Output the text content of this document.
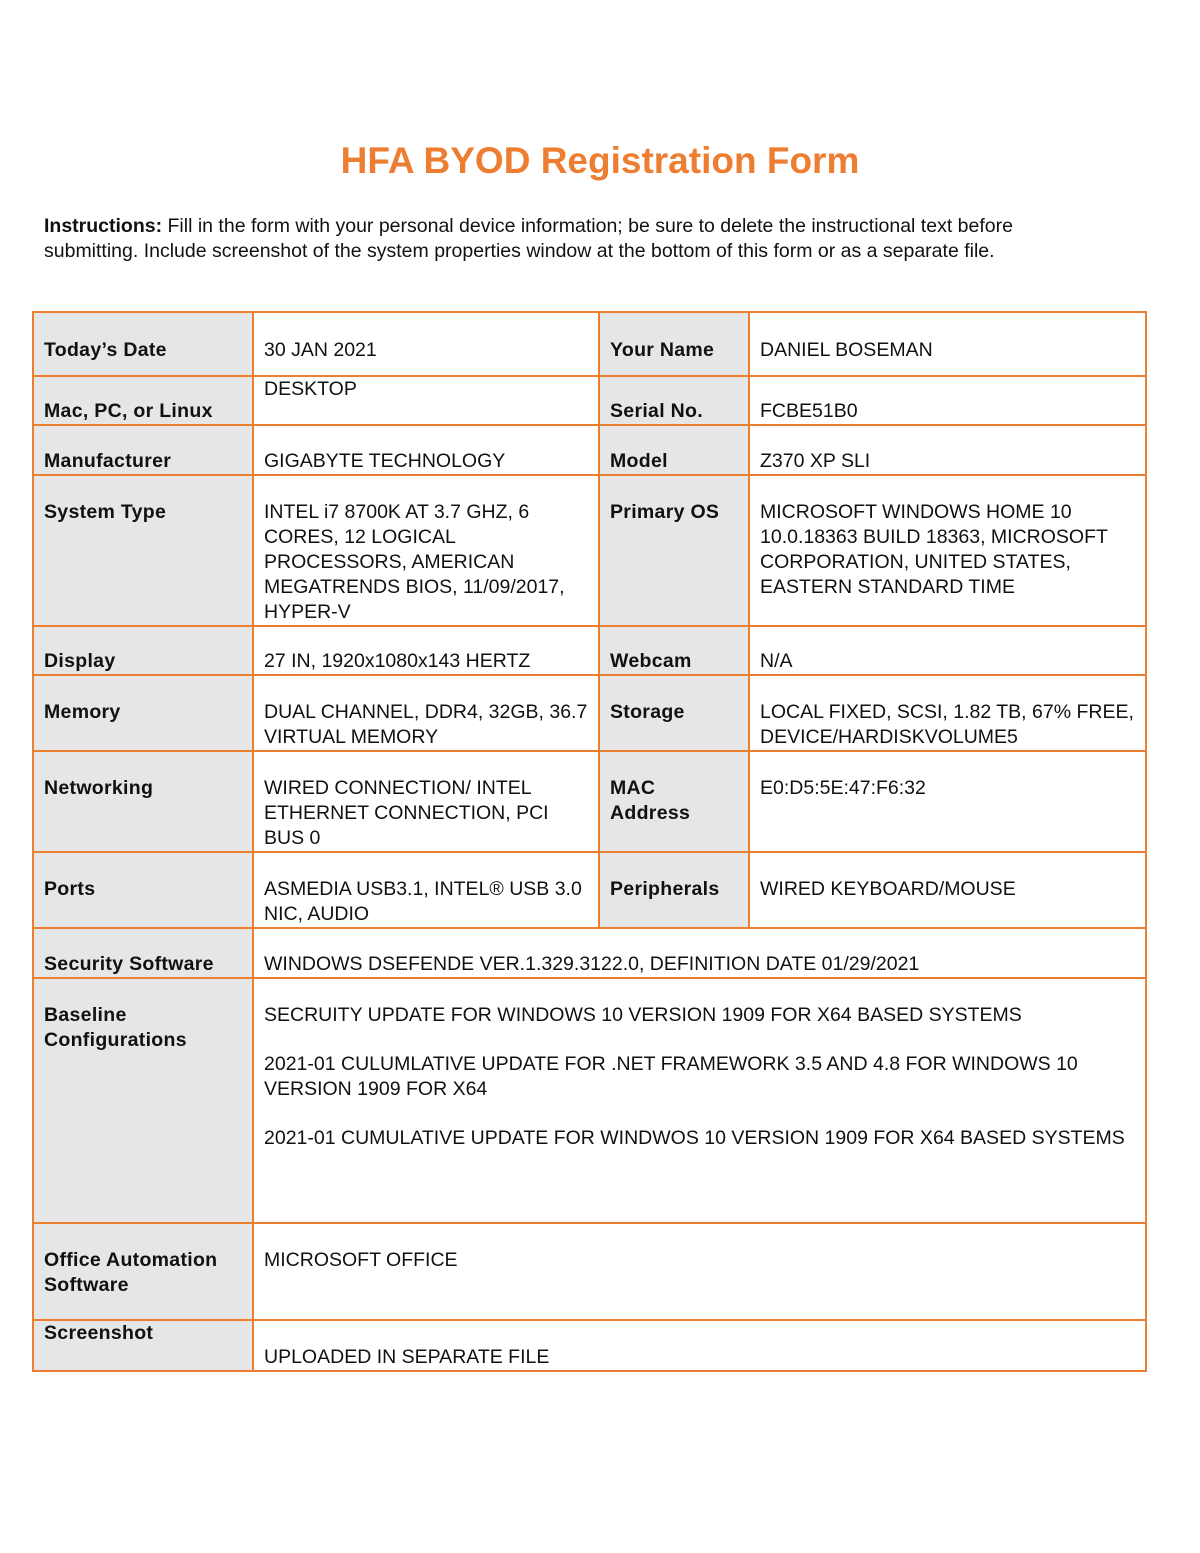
HFA BYOD Registration Form

Instructions: Fill in the form with your personal device information; be sure to delete the instructional text before submitting. Include screenshot of the system properties window at the bottom of this form or as a separate file.

Today’s Date	30 JAN 2021	Your Name	DANIEL BOSEMAN
Mac, PC, or Linux	DESKTOP	Serial No.	FCBE51B0
Manufacturer	GIGABYTE TECHNOLOGY	Model	Z370 XP SLI
System Type	INTEL i7 8700K AT 3.7 GHZ, 6 CORES, 12 LOGICAL PROCESSORS, AMERICAN MEGATRENDS BIOS, 11/09/2017, HYPER-V	Primary OS	MICROSOFT WINDOWS HOME 10 10.0.18363 BUILD 18363, MICROSOFT CORPORATION, UNITED STATES, EASTERN STANDARD TIME
Display	27 IN, 1920x1080x143 HERTZ	Webcam	N/A
Memory	DUAL CHANNEL, DDR4, 32GB, 36.7 VIRTUAL MEMORY	Storage	LOCAL FIXED, SCSI, 1.82 TB, 67% FREE, DEVICE/HARDISKVOLUME5
Networking	WIRED CONNECTION/ INTEL ETHERNET CONNECTION, PCI BUS 0	MAC Address	E0:D5:5E:47:F6:32
Ports	ASMEDIA USB3.1, INTEL® USB 3.0 NIC, AUDIO	Peripherals	WIRED KEYBOARD/MOUSE
Security Software	WINDOWS DSEFENDE VER.1.329.3122.0, DEFINITION DATE 01/29/2021		
Baseline Configurations	SECRUITY UPDATE FOR WINDOWS 10 VERSION 1909 FOR X64 BASED SYSTEMS

2021-01 CULUMLATIVE UPDATE FOR .NET FRAMEWORK 3.5 AND 4.8 FOR WINDOWS 10 VERSION 1909 FOR X64

2021-01 CUMULATIVE UPDATE FOR WINDWOS 10 VERSION 1909 FOR X64 BASED SYSTEMS		

Office Automation Software	MICROSOFT OFFICE		
Screenshot	UPLOADED IN SEPARATE FILE		
